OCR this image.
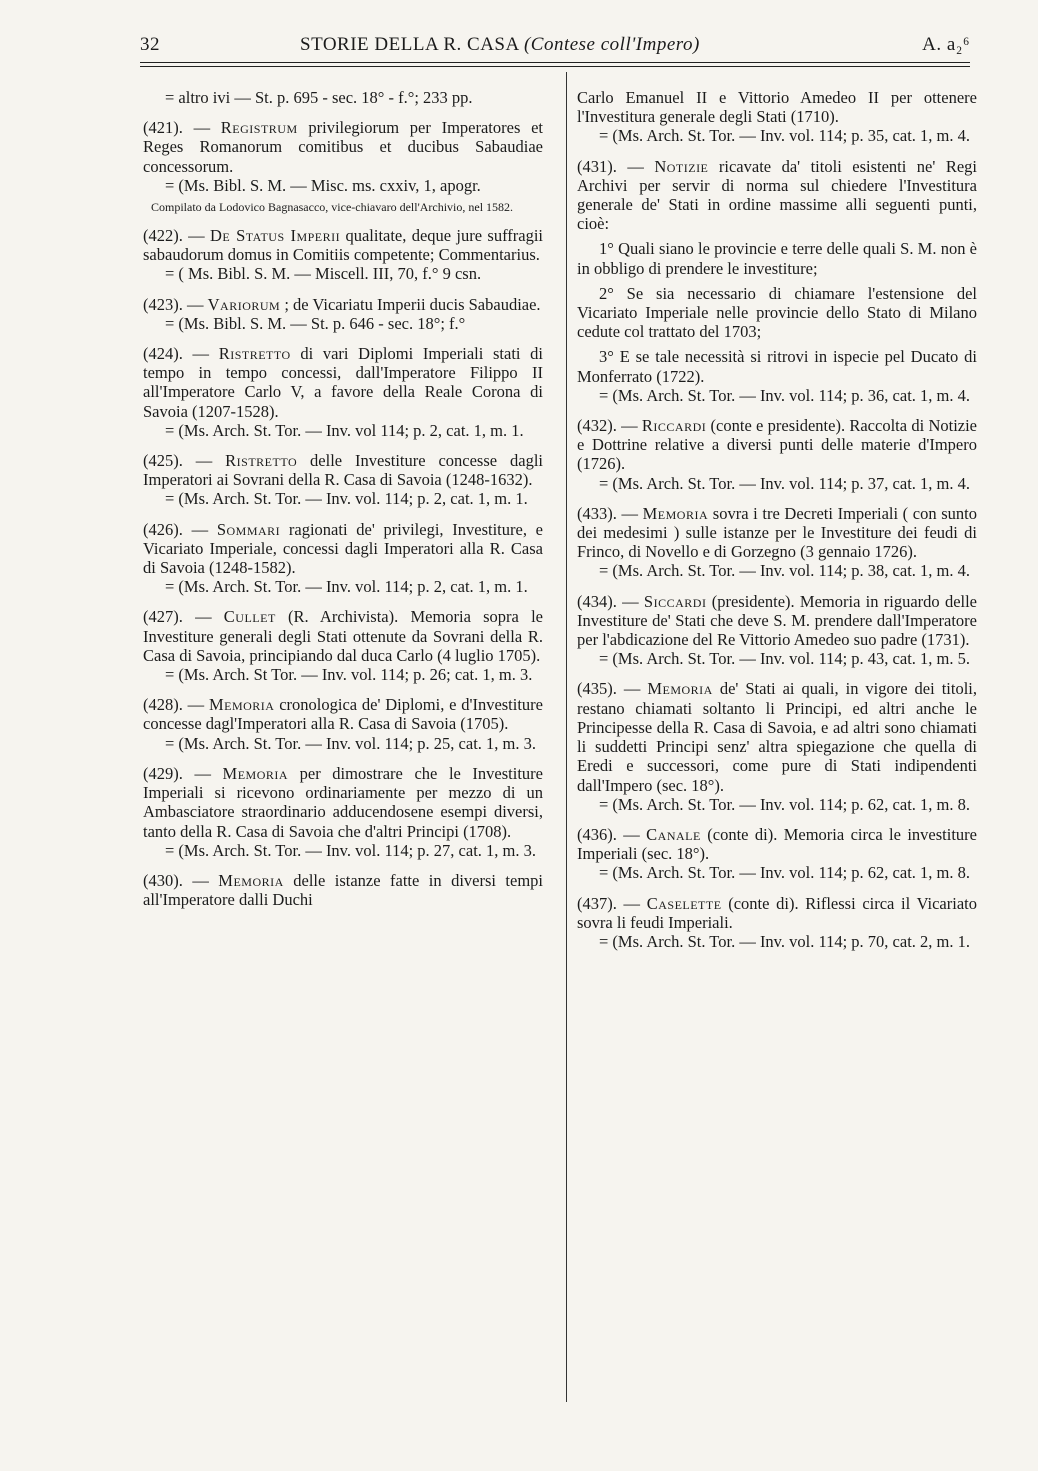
32	STORIE DELLA R. CASA (Contese coll'Impero)	A. a₂⁶

= altro ivi — St. p. 695 - sec. 18° - f.°; 233 pp.

(421). — Registrum privilegiorum per Imperatores et Reges Romanorum comitibus et ducibus Sabaudiae concessorum.

= (Ms. Bibl. S. M. — Misc. ms. cxxiv, 1, apogr.

Compilato da Lodovico Bagnasacco, vice-chiavaro dell'Archivio, nel 1582.

(422). — De Status Imperii qualitate, deque jure suffragii sabaudorum domus in Comitiis competente; Commentarius.

= ( Ms. Bibl. S. M. — Miscell. III, 70, f.° 9 csn.

(423). — Variorum ; de Vicariatu Imperii ducis Sabaudiae.

= (Ms. Bibl. S. M. — St. p. 646 - sec. 18°; f.°

(424). — Ristretto di vari Diplomi Imperiali stati di tempo in tempo concessi, dall'Imperatore Filippo II all'Imperatore Carlo V, a favore della Reale Corona di Savoia (1207-1528).

= (Ms. Arch. St. Tor. — Inv. vol 114; p. 2, cat. 1, m. 1.

(425). — Ristretto delle Investiture concesse dagli Imperatori ai Sovrani della R. Casa di Savoia (1248-1632).

= (Ms. Arch. St. Tor. — Inv. vol. 114; p. 2, cat. 1, m. 1.

(426). — Sommari ragionati de' privilegi, Investiture, e Vicariato Imperiale, concessi dagli Imperatori alla R. Casa di Savoia (1248-1582).

= (Ms. Arch. St. Tor. — Inv. vol. 114; p. 2, cat. 1, m. 1.

(427). — Cullet (R. Archivista). Memoria sopra le Investiture generali degli Stati ottenute da Sovrani della R. Casa di Savoia, principiando dal duca Carlo (4 luglio 1705).

= (Ms. Arch. St Tor. — Inv. vol. 114; p. 26; cat. 1, m. 3.

(428). — Memoria cronologica de' Diplomi, e d'Investiture concesse dagl'Imperatori alla R. Casa di Savoia (1705).

= (Ms. Arch. St. Tor. — Inv. vol. 114; p. 25, cat. 1, m. 3.

(429). — Memoria per dimostrare che le Investiture Imperiali si ricevono ordinariamente per mezzo di un Ambasciatore straordinario adducendosene esempi diversi, tanto della R. Casa di Savoia che d'altri Principi (1708).

= (Ms. Arch. St. Tor. — Inv. vol. 114; p. 27, cat. 1, m. 3.

(430). — Memoria delle istanze fatte in diversi tempi all'Imperatore dalli Duchi

Carlo Emanuel II e Vittorio Amedeo II per ottenere l'Investitura generale degli Stati (1710).

= (Ms. Arch. St. Tor. — Inv. vol. 114; p. 35, cat. 1, m. 4.

(431). — Notizie ricavate da' titoli esistenti ne' Regi Archivi per servir di norma sul chiedere l'Investitura generale de' Stati in ordine massime alli seguenti punti, cioè:

1° Quali siano le provincie e terre delle quali S. M. non è in obbligo di prendere le investiture;

2° Se sia necessario di chiamare l'estensione del Vicariato Imperiale nelle provincie dello Stato di Milano cedute col trattato del 1703;

3° E se tale necessità si ritrovi in ispecie pel Ducato di Monferrato (1722).

= (Ms. Arch. St. Tor. — Inv. vol. 114; p. 36, cat. 1, m. 4.

(432). — Riccardi (conte e presidente). Raccolta di Notizie e Dottrine relative a diversi punti delle materie d'Impero (1726).

= (Ms. Arch. St. Tor. — Inv. vol. 114; p. 37, cat. 1, m. 4.

(433). — Memoria sovra i tre Decreti Imperiali ( con sunto dei medesimi ) sulle istanze per le Investiture dei feudi di Frinco, di Novello e di Gorzegno (3 gennaio 1726).

= (Ms. Arch. St. Tor. — Inv. vol. 114; p. 38, cat. 1, m. 4.

(434). — Siccardi (presidente). Memoria in riguardo delle Investiture de' Stati che deve S. M. prendere dall'Imperatore per l'abdicazione del Re Vittorio Amedeo suo padre (1731).

= (Ms. Arch. St. Tor. — Inv. vol. 114; p. 43, cat. 1, m. 5.

(435). — Memoria de' Stati ai quali, in vigore dei titoli, restano chiamati soltanto li Principi, ed altri anche le Principesse della R. Casa di Savoia, e ad altri sono chiamati li suddetti Principi senz' altra spiegazione che quella di Eredi e successori, come pure di Stati indipendenti dall'Impero (sec. 18°).

= (Ms. Arch. St. Tor. — Inv. vol. 114; p. 62, cat. 1, m. 8.

(436). — Canale (conte di). Memoria circa le investiture Imperiali (sec. 18°).

= (Ms. Arch. St. Tor. — Inv. vol. 114; p. 62, cat. 1, m. 8.

(437). — Caselette (conte di). Riflessi circa il Vicariato sovra li feudi Imperiali.

= (Ms. Arch. St. Tor. — Inv. vol. 114; p. 70, cat. 2, m. 1.
